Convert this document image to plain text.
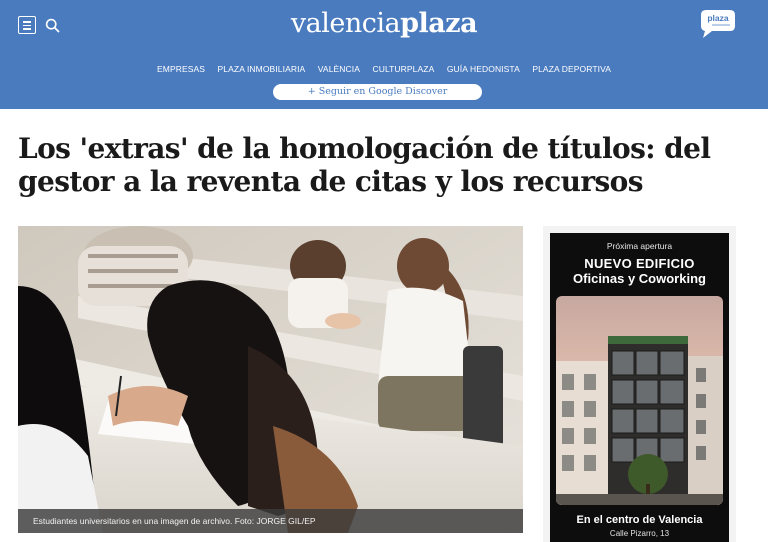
valenciaplaza	plaza
EMPRESAS PLAZA INMOBILIARIA VALÈNCIA CULTURPLAZA GUÍA HEDONISTA PLAZA DEPORTIVA
+ Seguir en Google Discover
Los 'extras' de la homologación de títulos: del gestor a la reventa de citas y los recursos
Estudiantes universitarios en una imagen de archivo. Foto: JORGE GIL/EP
Próxima apertura
NUEVO EDIFICIO
Oficinas y Coworking
En el centro de Valencia
Calle Pizarro, 13
